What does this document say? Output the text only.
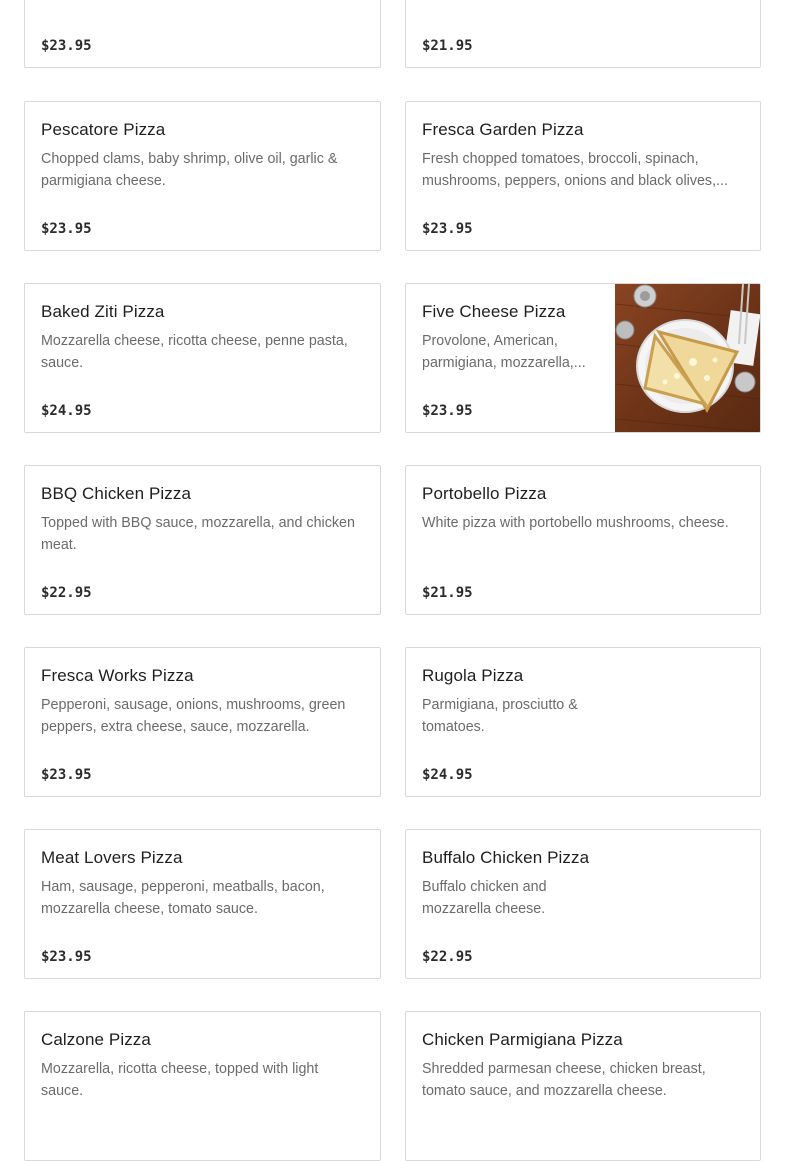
$23.95	$21.95
Pescatore Pizza
Chopped clams, baby shrimp, olive oil, garlic & parmigiana cheese.
$23.95
Fresca Garden Pizza
Fresh chopped tomatoes, broccoli, spinach, mushrooms, peppers, onions and black olives,...
$23.95
Baked Ziti Pizza
Mozzarella cheese, ricotta cheese, penne pasta, sauce.
$24.95
Five Cheese Pizza
Provolone, American, parmigiana, mozzarella,...
$23.95
BBQ Chicken Pizza
Topped with BBQ sauce, mozzarella, and chicken meat.
$22.95
Portobello Pizza
White pizza with portobello mushrooms, cheese.
$21.95
Fresca Works Pizza
Pepperoni, sausage, onions, mushrooms, green peppers, extra cheese, sauce, mozzarella.
$23.95
Rugola Pizza
Parmigiana, prosciutto & tomatoes.
$24.95
Meat Lovers Pizza
Ham, sausage, pepperoni, meatballs, bacon, mozzarella cheese, tomato sauce.
$23.95
Buffalo Chicken Pizza
Buffalo chicken and mozzarella cheese.
$22.95
Calzone Pizza
Mozzarella, ricotta cheese, topped with light sauce.
Chicken Parmigiana Pizza
Shredded parmesan cheese, chicken breast, tomato sauce, and mozzarella cheese.
